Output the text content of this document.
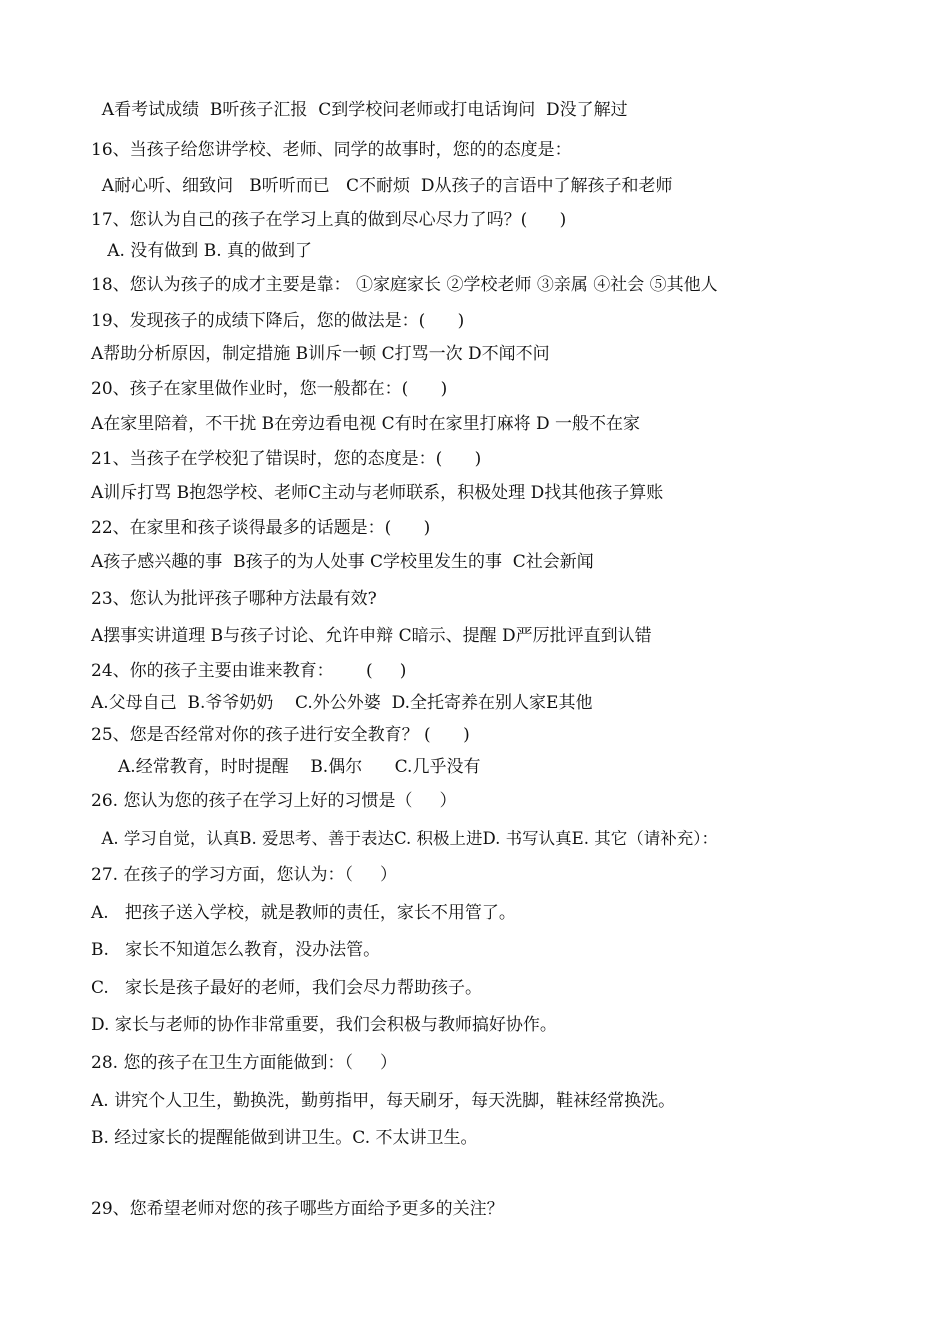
A看考试成绩  B听孩子汇报  C到学校问老师或打电话询问  D没了解过
16、当孩子给您讲学校、老师、同学的故事时，您的的态度是：
A耐心听、细致问   B听听而已   C不耐烦  D从孩子的言语中了解孩子和老师
17、您认为自己的孩子在学习上真的做到尽心尽力了吗？(      )
A. 没有做到 B. 真的做到了
18、您认为孩子的成才主要是靠： ①家庭家长 ②学校老师 ③亲属 ④社会 ⑤其他人
19、发现孩子的成绩下降后，您的做法是：(      )
A帮助分析原因，制定措施 B训斥一顿 C打骂一次 D不闻不问
20、孩子在家里做作业时，您一般都在：(      )
A在家里陪着，不干扰 B在旁边看电视 C有时在家里打麻将 D 一般不在家
21、当孩子在学校犯了错误时，您的态度是：(      )
A训斥打骂 B抱怨学校、老师C主动与老师联系，积极处理 D找其他孩子算账
22、在家里和孩子谈得最多的话题是：(      )
A孩子感兴趣的事  B孩子的为人处事 C学校里发生的事  C社会新闻
23、您认为批评孩子哪种方法最有效?
A摆事实讲道理 B与孩子讨论、允许申辩 C暗示、提醒 D严厉批评直到认错
24、你的孩子主要由谁来教育：      (     )
A.父母自己  B.爷爷奶奶    C.外公外婆  D.全托寄养在别人家E其他
25、您是否经常对你的孩子进行安全教育？ (      )
A.经常教育，时时提醒    B.偶尔      C.几乎没有
26. 您认为您的孩子在学习上好的习惯是（     ）
A. 学习自觉，认真B. 爱思考、善于表达C. 积极上进D. 书写认真E. 其它（请补充）：
27. 在孩子的学习方面，您认为：（     ）
A.   把孩子送入学校，就是教师的责任，家长不用管了。
B.   家长不知道怎么教育，没办法管。
C.   家长是孩子最好的老师，我们会尽力帮助孩子。
D. 家长与老师的协作非常重要，我们会积极与教师搞好协作。
28. 您的孩子在卫生方面能做到：（     ）
A. 讲究个人卫生，勤换洗，勤剪指甲，每天刷牙，每天洗脚，鞋袜经常换洗。
B. 经过家长的提醒能做到讲卫生。C. 不太讲卫生。
29、您希望老师对您的孩子哪些方面给予更多的关注？
